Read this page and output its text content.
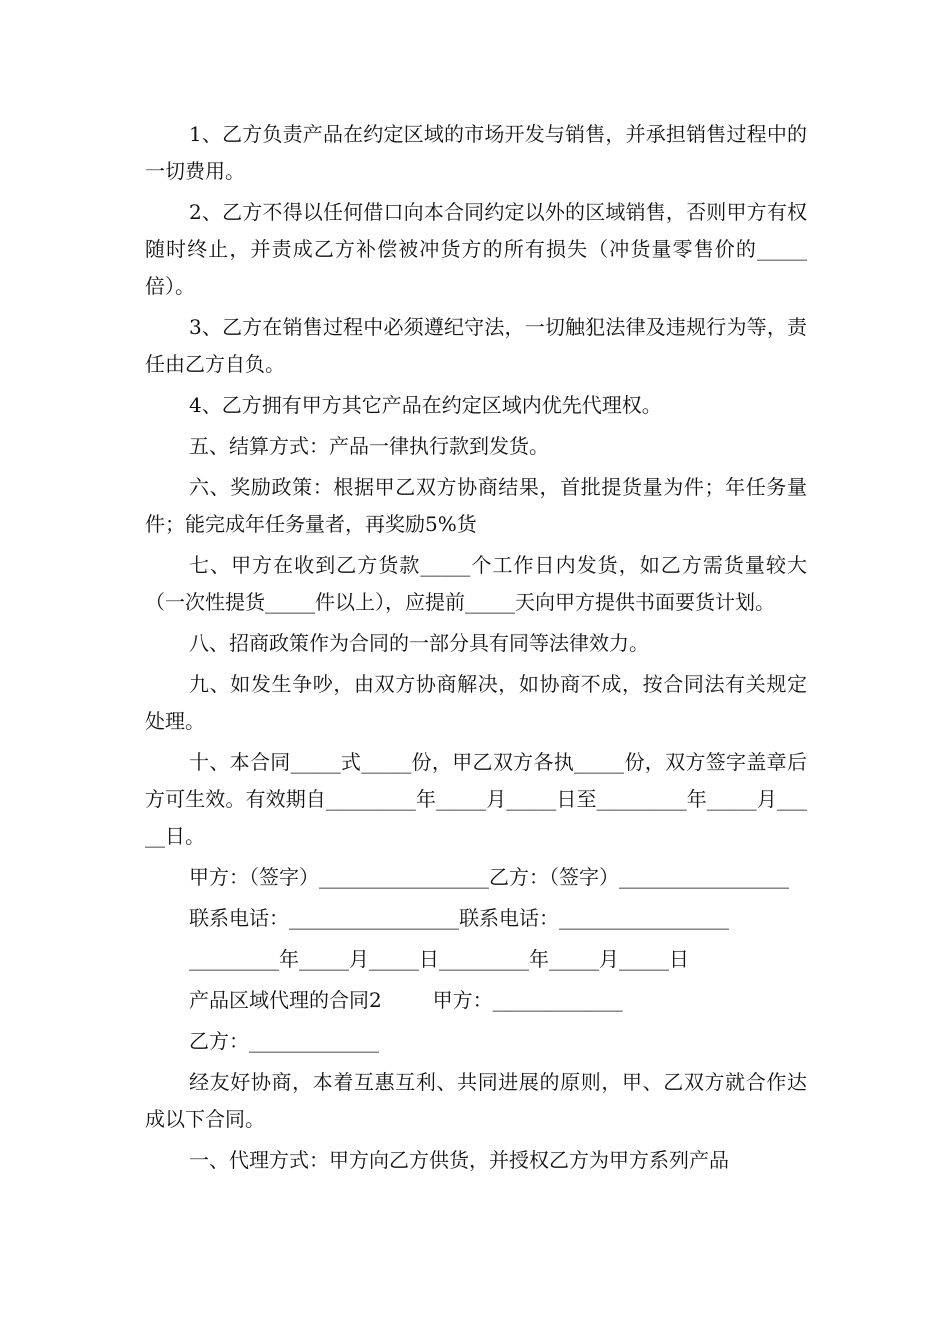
1、乙方负责产品在约定区域的市场开发与销售，并承担销售过程中的一切费用。

2、乙方不得以任何借口向本合同约定以外的区域销售，否则甲方有权随时终止，并责成乙方补偿被冲货方的所有损失（冲货量零售价的_____倍）。

3、乙方在销售过程中必须遵纪守法，一切触犯法律及违规行为等，责任由乙方自负。

4、乙方拥有甲方其它产品在约定区域内优先代理权。

五、结算方式：产品一律执行款到发货。

六、奖励政策：根据甲乙双方协商结果，首批提货量为件；年任务量件；能完成年任务量者，再奖励5%货

七、甲方在收到乙方货款_____个工作日内发货，如乙方需货量较大（一次性提货_____件以上），应提前_____天向甲方提供书面要货计划。

八、招商政策作为合同的一部分具有同等法律效力。

九、如发生争吵，由双方协商解决，如协商不成，按合同法有关规定处理。

十、本合同_____式_____份，甲乙双方各执_____份，双方签字盖章后方可生效。有效期自_________年_____月_____日至_________年_____月_____日。

甲方：（签字）_________________乙方：（签字）_________________

联系电话：_________________联系电话：_________________

_________年_____月_____日_________年_____月_____日

产品区域代理的合同2        甲方：_____________

乙方：_____________

经友好协商，本着互惠互利、共同进展的原则，甲、乙双方就合作达成以下合同。

一、代理方式：甲方向乙方供货，并授权乙方为甲方系列产品
